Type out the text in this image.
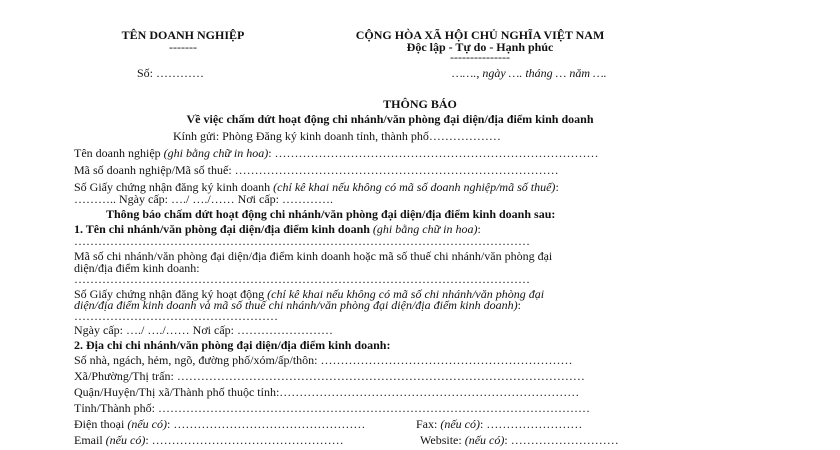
TÊN DOANH NGHIỆP
-------
Số: …………
CỘNG HÒA XÃ HỘI CHỦ NGHĨA VIỆT NAM
Độc lập - Tự do - Hạnh phúc
---------------
……., ngày …. tháng … năm ….
THÔNG BÁO
Về việc chấm dứt hoạt động chi nhánh/văn phòng đại diện/địa điểm kinh doanh
Kính gửi: Phòng Đăng ký kinh doanh tỉnh, thành phố………………
Tên doanh nghiệp (ghi bằng chữ in hoa): ………………………………………………………………………
Mã số doanh nghiệp/Mã số thuế: ………………………………………………………………………
Số Giấy chứng nhận đăng ký kinh doanh (chỉ kê khai nếu không có mã số doanh nghiệp/mã số thuế):
……….. Ngày cấp: …./ …./…… Nơi cấp: ………….
Thông báo chấm dứt hoạt động chi nhánh/văn phòng đại diện/địa điểm kinh doanh sau:
1. Tên chi nhánh/văn phòng đại diện/địa điểm kinh doanh (ghi bằng chữ in hoa):
……………………………………………………………………………………………………
Mã số chi nhánh/văn phòng đại diện/địa điểm kinh doanh hoặc mã số thuế chi nhánh/văn phòng đại
diện/địa điểm kinh doanh:
……………………………………………………………………………………………………
Số Giấy chứng nhận đăng ký hoạt động (chỉ kê khai nếu không có mã số chi nhánh/văn phòng đại
diện/địa điểm kinh doanh và mã số thuế chi nhánh/văn phòng đại diện/địa điểm kinh doanh):
……………………………………………
Ngày cấp: …./ …./…… Nơi cấp: ……………………
2. Địa chỉ chi nhánh/văn phòng đại diện/địa điểm kinh doanh:
Số nhà, ngách, hẻm, ngõ, đường phố/xóm/ấp/thôn: ………………………………………………………
Xã/Phường/Thị trấn: …………………………………………………………………………………………
Quận/Huyện/Thị xã/Thành phố thuộc tỉnh:…………………………………………………………………
Tỉnh/Thành phố: ………………………………………………………………………………………………
Điện thoại (nếu có): …………………………………………	Fax: (nếu có): ……………………
Email (nếu có): …………………………………………	Website: (nếu có): ………………………
